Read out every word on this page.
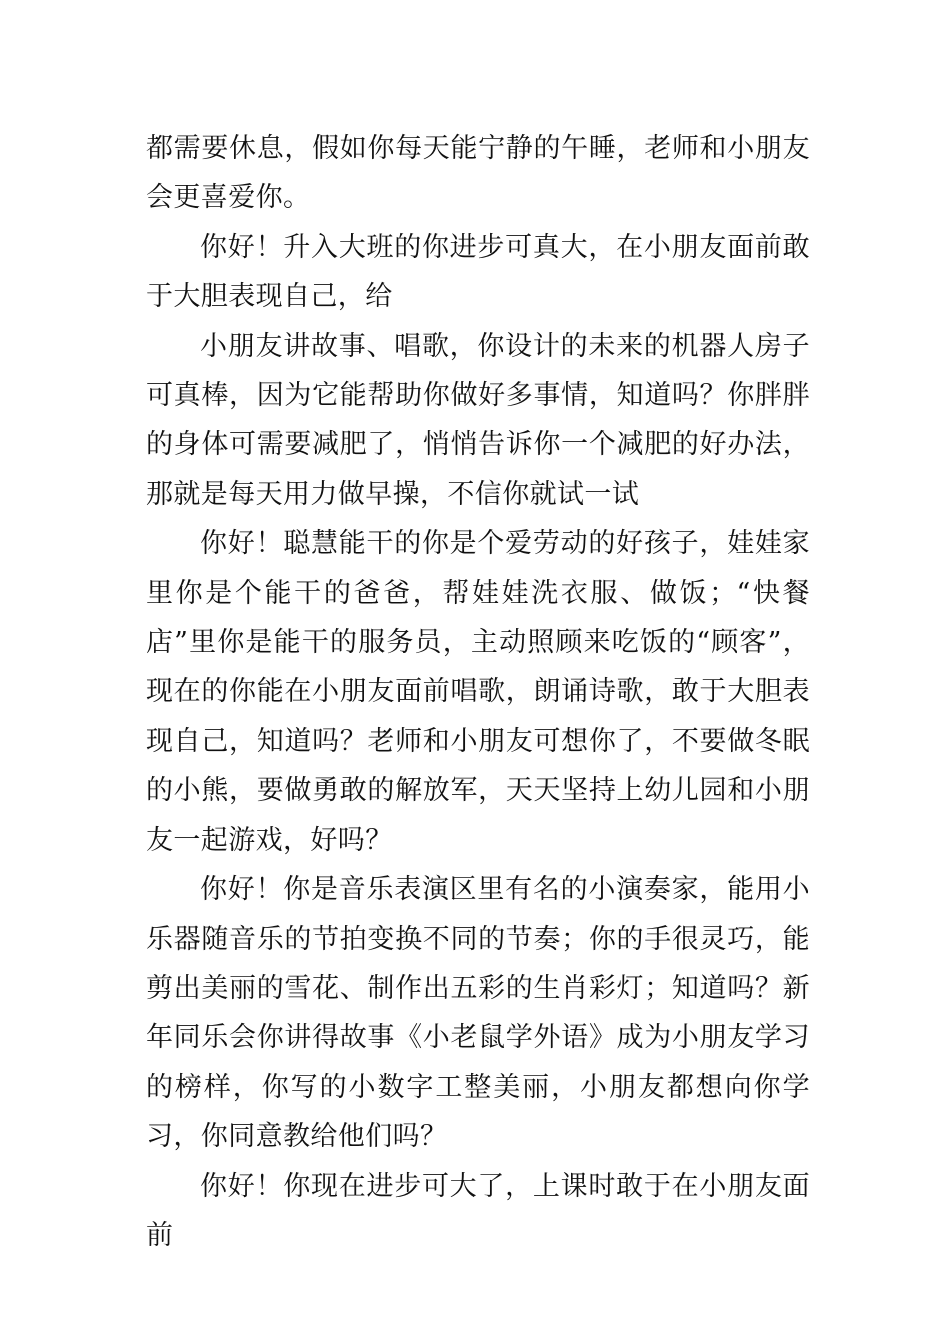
都需要休息，假如你每天能宁静的午睡，老师和小朋友会更喜爱你。

你好！升入大班的你进步可真大，在小朋友面前敢于大胆表现自己，给

小朋友讲故事、唱歌，你设计的未来的机器人房子可真棒，因为它能帮助你做好多事情，知道吗？你胖胖的身体可需要减肥了，悄悄告诉你一个减肥的好办法，那就是每天用力做早操，不信你就试一试

你好！聪慧能干的你是个爱劳动的好孩子，娃娃家里你是个能干的爸爸，帮娃娃洗衣服、做饭；“快餐店”里你是能干的服务员，主动照顾来吃饭的“顾客”，现在的你能在小朋友面前唱歌，朗诵诗歌，敢于大胆表现自己，知道吗？老师和小朋友可想你了，不要做冬眠的小熊，要做勇敢的解放军，天天坚持上幼儿园和小朋友一起游戏，好吗？

你好！你是音乐表演区里有名的小演奏家，能用小乐器随音乐的节拍变换不同的节奏；你的手很灵巧，能剪出美丽的雪花、制作出五彩的生肖彩灯；知道吗？新年同乐会你讲得故事《小老鼠学外语》成为小朋友学习的榜样，你写的小数字工整美丽，小朋友都想向你学习，你同意教给他们吗？

你好！你现在进步可大了，上课时敢于在小朋友面前
